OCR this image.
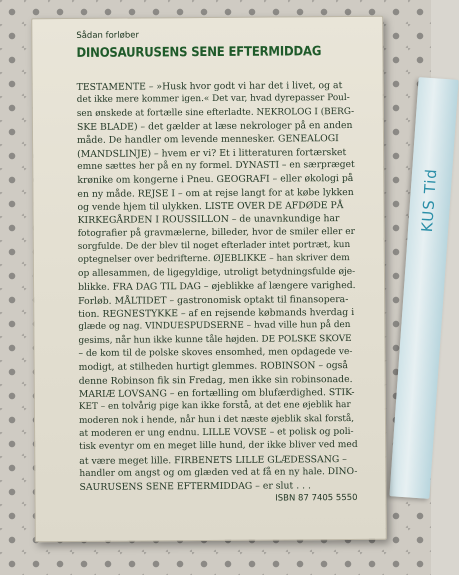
KUS Tid
Sådan forløber
DINOSAURUSENS SENE EFTERMIDDAG
TESTAMENTE – »Husk hvor godt vi har det i livet, og at
det ikke mere kommer igen.« Det var, hvad dyrepasser Poul-
sen ønskede at fortælle sine efterladte. NEKROLOG I (BERG-
SKE BLADE) – det gælder at læse nekrologer på en anden
måde. De handler om levende mennesker. GENEALOGI
(MANDSLINJE) – hvem er vi? Et i litteraturen fortærsket
emne sættes her på en ny formel. DYNASTI – en særpræget
krønike om kongerne i Pneu. GEOGRAFI – eller økologi på
en ny måde. REJSE I – om at rejse langt for at købe lykken
og vende hjem til ulykken. LISTE OVER DE AFDØDE PÅ
KIRKEGÅRDEN I ROUSSILLON – de unavnkundige har
fotografier på gravmælerne, billeder, hvor de smiler eller er
sorgfulde. De der blev til noget efterlader intet portræt, kun
optegnelser over bedrifterne. ØJEBLIKKE – han skriver dem
op allesammen, de ligegyldige, utroligt betydningsfulde øje-
blikke. FRA DAG TIL DAG – øjeblikke af længere varighed.
Forløb. MÅLTIDET – gastronomisk optakt til finansopera-
tion. REGNESTYKKE – af en rejsende købmands hverdag i
glæde og nag. VINDUESPUDSERNE – hvad ville hun på den
gesims, når hun ikke kunne tåle højden. DE POLSKE SKOVE
– de kom til de polske skoves ensomhed, men opdagede ve-
modigt, at stilheden hurtigt glemmes. ROBINSON – også
denne Robinson fik sin Fredag, men ikke sin robinsonade.
MARIÆ LOVSANG – en fortælling om blufærdighed. STIK-
KET – en tolvårig pige kan ikke forstå, at det ene øjeblik har
moderen nok i hende, når hun i det næste øjeblik skal forstå,
at moderen er ung endnu. LILLE VOVSE – et polisk og poli-
tisk eventyr om en meget lille hund, der ikke bliver ved med
at være meget lille. FIRBENETS LILLE GLÆDESSANG –
handler om angst og om glæden ved at få en ny hale. DINO-
SAURUSENS SENE EFTERMIDDAG – er slut . . .
ISBN 87 7405 5550
